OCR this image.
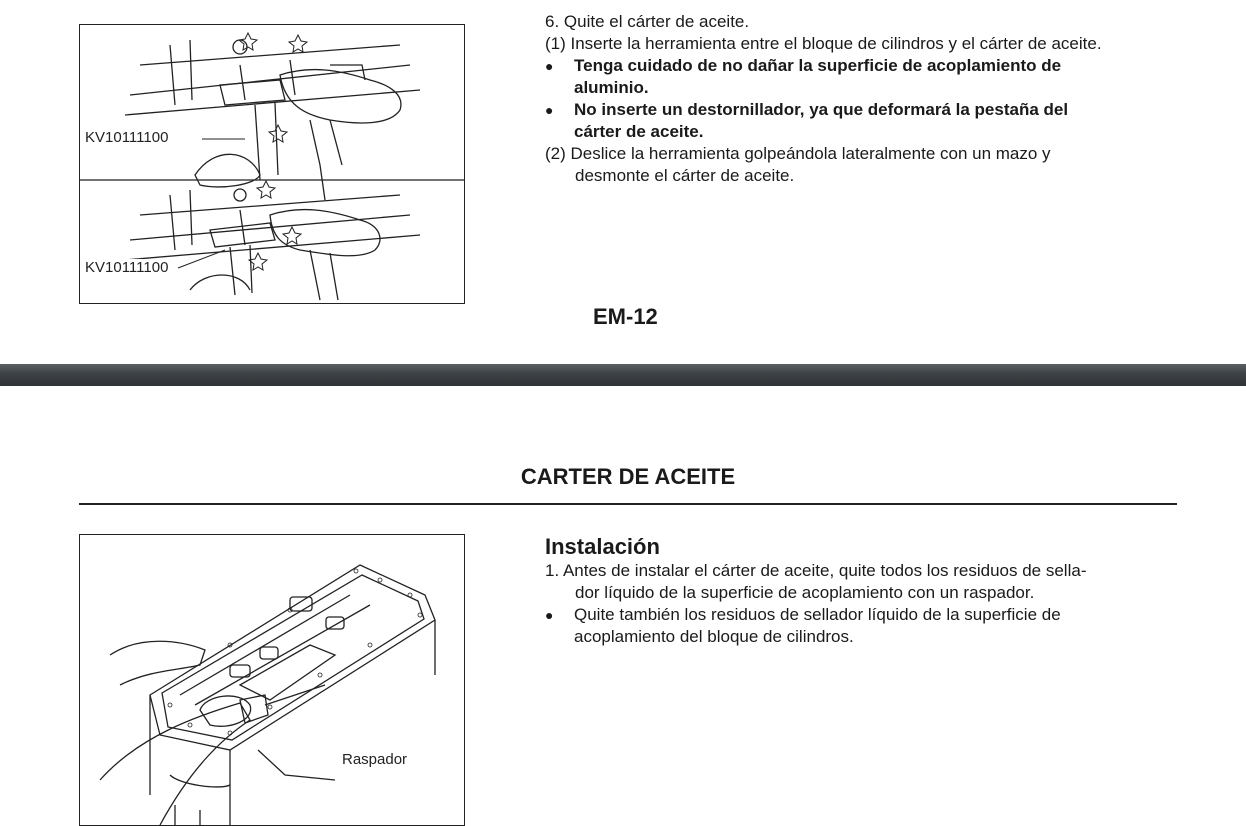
KV10111100
KV10111100
6. Quite el cárter de aceite.
(1) Inserte la herramienta entre el bloque de cilindros y el cárter de aceite.
● Tenga cuidado de no dañar la superficie de acoplamiento de
aluminio.
● No inserte un destornillador, ya que deformará la pestaña del
cárter de aceite.
(2) Deslice la herramienta golpeándola lateralmente con un mazo y
desmonte el cárter de aceite.
EM-12
CARTER DE ACEITE
Raspador
Instalación
1. Antes de instalar el cárter de aceite, quite todos los residuos de sella-
dor líquido de la superficie de acoplamiento con un raspador.
● Quite también los residuos de sellador líquido de la superficie de
acoplamiento del bloque de cilindros.
